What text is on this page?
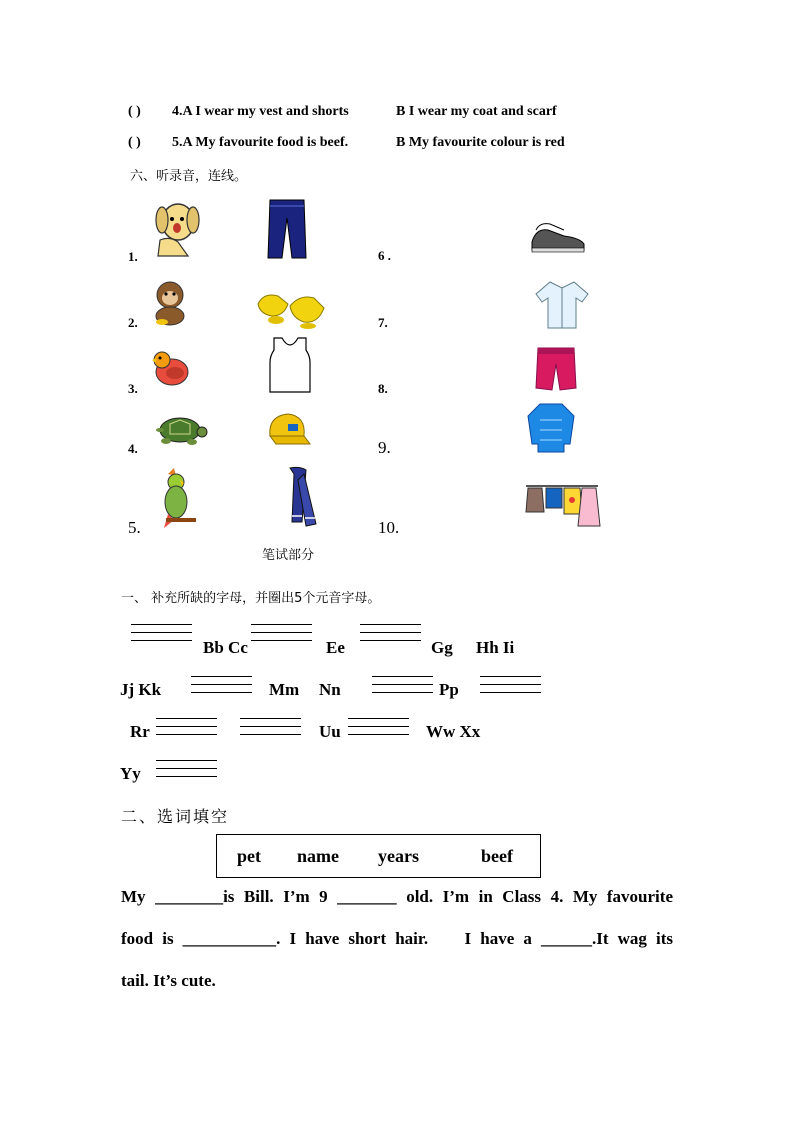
( ) 4.A I wear my vest and shorts	B I wear my coat and scarf
( ) 5.A My favourite food is beef.	B My favourite colour is red
六、听录音，连线。
1.
2.
3.
4.
5.
6 .
7.
8.
9.
10.
笔试部分
一、 补充所缺的字母，并圈出5个元音字母。
Bb Cc	Ee	Gg Hh Ii
Jj Kk	Mm Nn	Pp
Rr	Uu	Ww Xx
Yy
二、选词填空
pet name years	beef
My ________is Bill. I’m 9 _______ old. I’m in Class 4. My favourite
food is ___________. I have short hair.    I have a ______.It wag its
tail. It’s cute.
